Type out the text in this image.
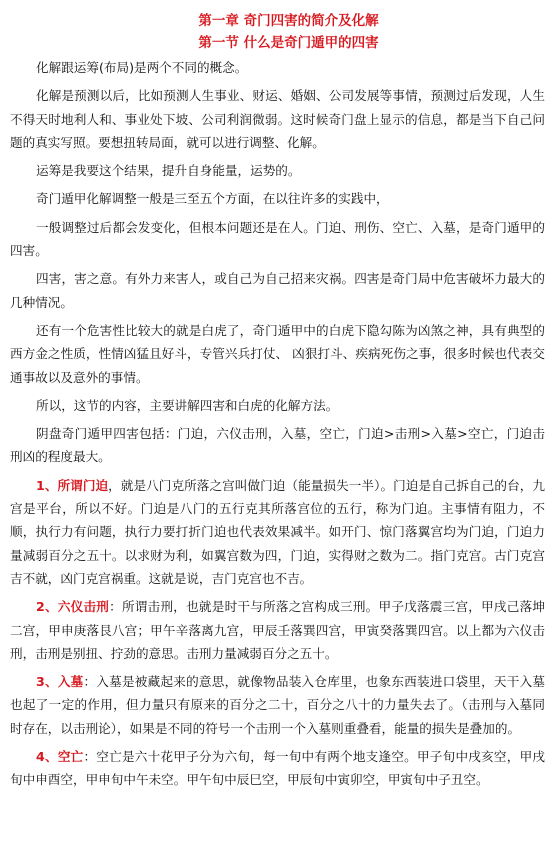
第一章 奇门四害的简介及化解
第一节 什么是奇门遁甲的四害

化解跟运筹(布局)是两个不同的概念。

化解是预测以后，比如预测人生事业、财运、婚姻、公司发展等事情，预测过后发现，人生不得天时地利人和、事业处下坡、公司利润微弱。这时候奇门盘上显示的信息，都是当下自己问题的真实写照。要想扭转局面，就可以进行调整、化解。

运筹是我要这个结果，提升自身能量，运势的。

奇门遁甲化解调整一般是三至五个方面，在以往许多的实践中，

一般调整过后都会发变化，但根本问题还是在人。门迫、刑伤、空亡、入墓，是奇门遁甲的四害。

四害，害之意。有外力来害人，或自己为自己招来灾祸。四害是奇门局中危害破坏力最大的几种情况。

还有一个危害性比较大的就是白虎了，奇门遁甲中的白虎下隐勾陈为凶煞之神，具有典型的西方金之性质，性情凶猛且好斗，专管兴兵打仗、 凶狠打斗、疾病死伤之事，很多时候也代表交通事故以及意外的事情。

所以，这节的内容，主要讲解四害和白虎的化解方法。

阴盘奇门遁甲四害包括：门迫，六仪击刑，入墓，空亡，门迫>击刑>入墓>空亡，门迫击刑凶的程度最大。

1、所谓门迫，就是八门克所落之宫叫做门迫（能量损失一半）。门迫是自己拆自己的台，九宫是平台，所以不好。门迫是八门的五行克其所落宫位的五行，称为门迫。主事情有阻力，不顺，执行力有问题，执行力要打折门迫也代表效果减半。如开门、惊门落翼宫均为门迫，门迫力量减弱百分之五十。以求财为利，如翼宫数为四，门迫，实得财之数为二。指门克宫。古门克宫吉不就，凶门克宫祸重。这就是说，吉门克宫也不吉。

2、六仪击刑：所谓击刑，也就是时干与所落之宫构成三刑。甲子戊落震三宫，甲戌己落坤二宫，甲申庚落艮八宫；甲午辛落离九宫，甲辰壬落巽四宫，甲寅癸落巽四宫。以上都为六仪击刑，击刑是别扭、拧劲的意思。击刑力量减弱百分之五十。

3、入墓：入墓是被藏起来的意思，就像物品装入仓库里，也象东西装进口袋里，天干入墓也起了一定的作用，但力量只有原来的百分之二十，百分之八十的力量失去了。（击刑与入墓同时存在，以击刑论），如果是不同的符号一个击刑一个入墓则重叠看，能量的损失是叠加的。

4、空亡：空亡是六十花甲子分为六旬，每一旬中有两个地支逢空。甲子旬中戌亥空，甲戌旬中申酉空，甲申旬中午未空。甲午旬中辰巳空，甲辰旬中寅卯空，甲寅旬中子丑空。
